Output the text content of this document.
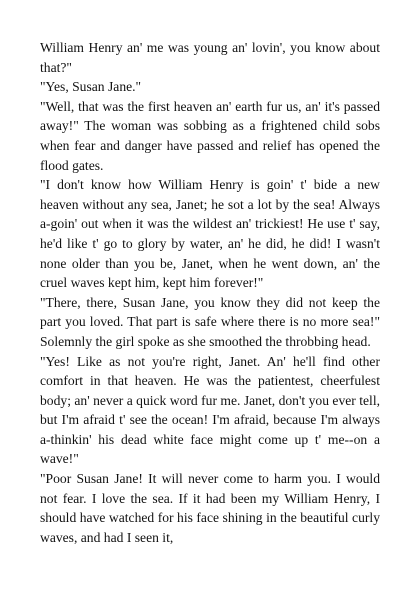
William Henry an' me was young an' lovin', you know about that?"

"Yes, Susan Jane."

"Well, that was the first heaven an' earth fur us, an' it's passed away!" The woman was sobbing as a frightened child sobs when fear and danger have passed and relief has opened the flood gates.

"I don't know how William Henry is goin' t' bide a new heaven without any sea, Janet; he sot a lot by the sea! Always a-goin' out when it was the wildest an' trickiest! He use t' say, he'd like t' go to glory by water, an' he did, he did! I wasn't none older than you be, Janet, when he went down, an' the cruel waves kept him, kept him forever!"

"There, there, Susan Jane, you know they did not keep the part you loved. That part is safe where there is no more sea!" Solemnly the girl spoke as she smoothed the throbbing head.

"Yes! Like as not you're right, Janet. An' he'll find other comfort in that heaven. He was the patientest, cheerfulest body; an' never a quick word fur me. Janet, don't you ever tell, but I'm afraid t' see the ocean! I'm afraid, because I'm always a-thinkin' his dead white face might come up t' me--on a wave!"

"Poor Susan Jane! It will never come to harm you. I would not fear. I love the sea. If it had been my William Henry, I should have watched for his face shining in the beautiful curly waves, and had I seen it,
